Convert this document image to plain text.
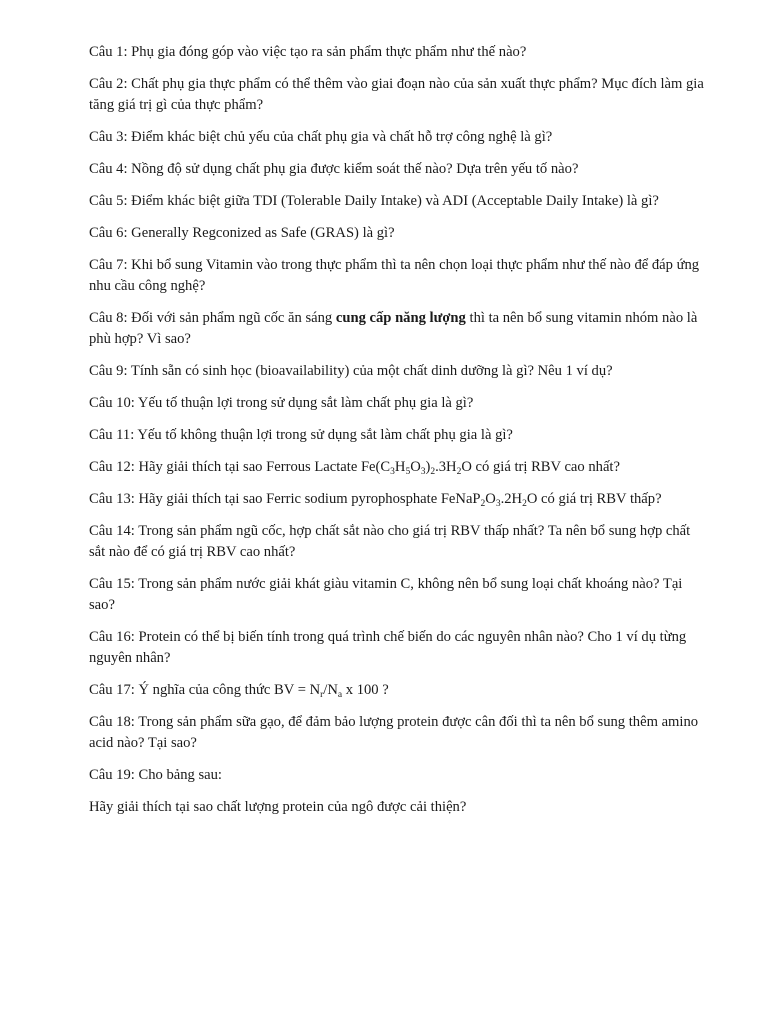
Câu 1: Phụ gia đóng góp vào việc tạo ra sản phẩm thực phẩm như thế nào?

Câu 2: Chất phụ gia thực phẩm có thể thêm vào giai đoạn nào của sản xuất thực phẩm? Mục đích làm gia tăng giá trị gì của thực phẩm?

Câu 3: Điểm khác biệt chủ yếu của chất phụ gia và chất hỗ trợ công nghệ là gì?

Câu 4: Nồng độ sử dụng chất phụ gia được kiểm soát thế nào? Dựa trên yếu tố nào?

Câu 5: Điểm khác biệt giữa TDI (Tolerable Daily Intake) và ADI (Acceptable Daily Intake) là gì?

Câu 6: Generally Regconized as Safe (GRAS) là gì?

Câu 7: Khi bổ sung Vitamin vào trong thực phẩm thì ta nên chọn loại thực phẩm như thế nào để đáp ứng nhu cầu công nghệ?

Câu 8: Đối với sản phẩm ngũ cốc ăn sáng cung cấp năng lượng thì ta nên bổ sung vitamin nhóm nào là phù hợp? Vì sao?

Câu 9: Tính sẵn có sinh học (bioavailability) của một chất dinh dưỡng là gì? Nêu 1 ví dụ?

Câu 10: Yếu tố thuận lợi trong sử dụng sắt làm chất phụ gia là gì?

Câu 11: Yếu tố không thuận lợi trong sử dụng sắt làm chất phụ gia là gì?

Câu 12: Hãy giải thích tại sao Ferrous Lactate $Fe(C_3H_5O_3)_2.3H_2O$ có giá trị RBV cao nhất?

Câu 13: Hãy giải thích tại sao Ferric sodium pyrophosphate $FeNaP_2O_3.2H_2O$ có giá trị RBV thấp?

Câu 14: Trong sản phẩm ngũ cốc, hợp chất sắt nào cho giá trị RBV thấp nhất? Ta nên bổ sung hợp chất sắt nào để có giá trị RBV cao nhất?

Câu 15: Trong sản phẩm nước giải khát giàu vitamin C, không nên bổ sung loại chất khoáng nào? Tại sao?

Câu 16: Protein có thể bị biến tính trong quá trình chế biến do các nguyên nhân nào? Cho 1 ví dụ từng nguyên nhân?

Câu 17: Ý nghĩa của công thức BV = $N_r/N_a$ x 100 ?

Câu 18: Trong sản phẩm sữa gạo, để đảm bảo lượng protein được cân đối thì ta nên bổ sung thêm amino acid nào? Tại sao?

Câu 19: Cho bảng sau:

Hãy giải thích tại sao chất lượng protein của ngô được cải thiện?
